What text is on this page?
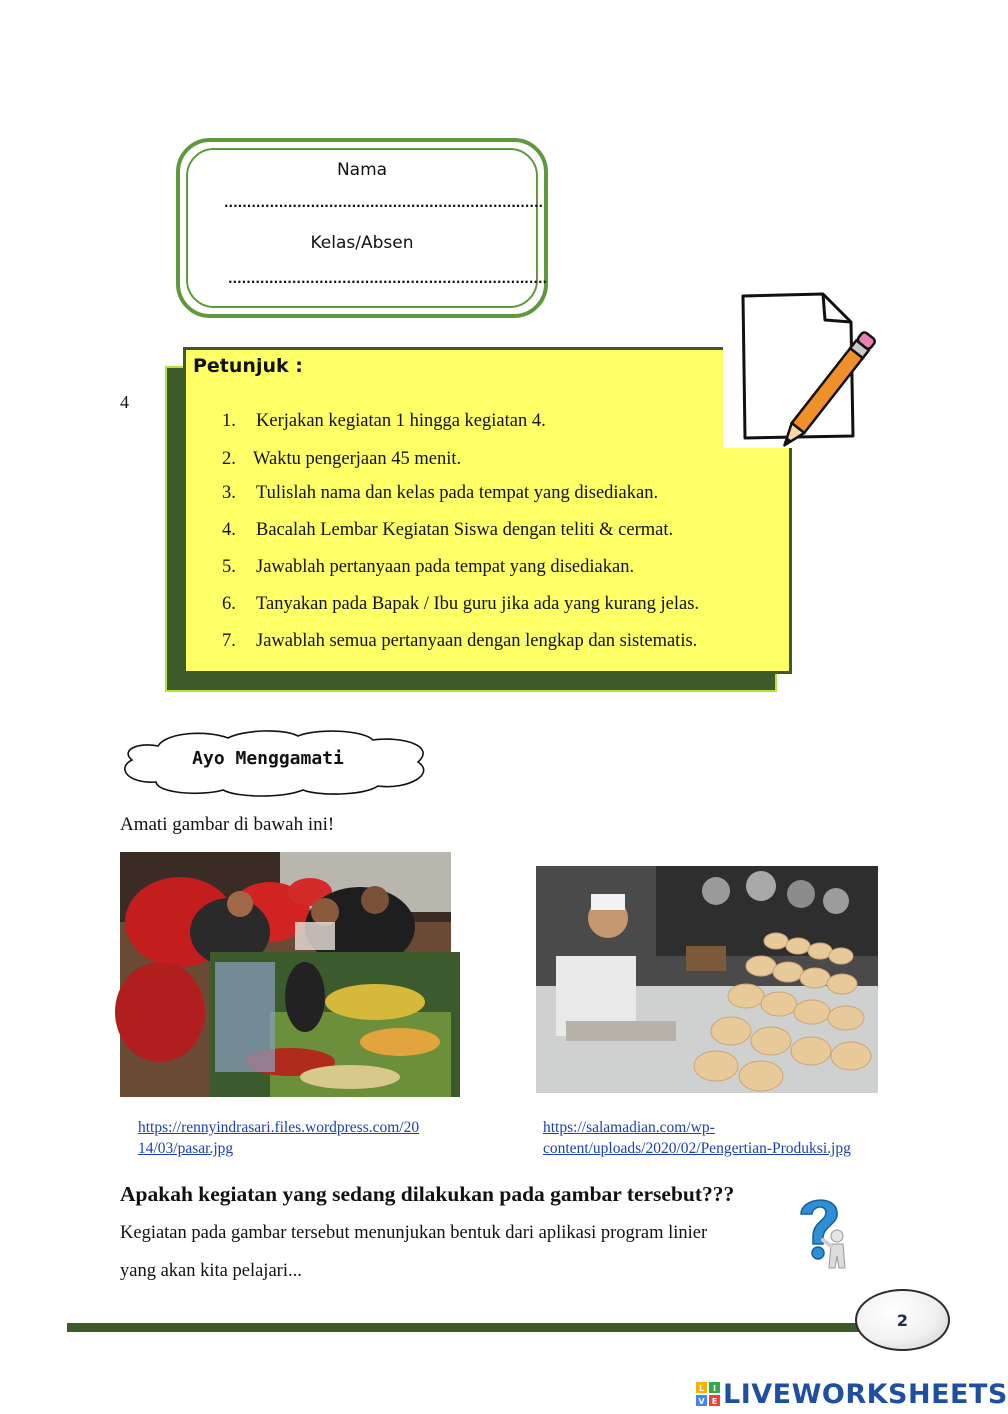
Nama
......................................................................
Kelas/Absen
......................................................................
4
Petunjuk :
1. Kerjakan kegiatan 1 hingga kegiatan 4.
2. Waktu pengerjaan 45 menit.
3. Tulislah nama dan kelas pada tempat yang disediakan.
4. Bacalah Lembar Kegiatan Siswa dengan teliti & cermat.
5. Jawablah pertanyaan pada tempat yang disediakan.
6. Tanyakan pada Bapak / Ibu guru jika ada yang kurang jelas.
7. Jawablah semua pertanyaan dengan lengkap dan sistematis.
Ayo Menggamati
Amati gambar di bawah ini!
https://rennyindrasari.files.wordpress.com/20
14/03/pasar.jpg
https://salamadian.com/wp-
content/uploads/2020/02/Pengertian-Produksi.jpg
Apakah kegiatan yang sedang dilakukan pada gambar tersebut???
Kegiatan pada gambar tersebut menunjukan bentuk dari aplikasi program linier
yang akan kita pelajari...
2
L I
V E LIVEWORKSHEETS
